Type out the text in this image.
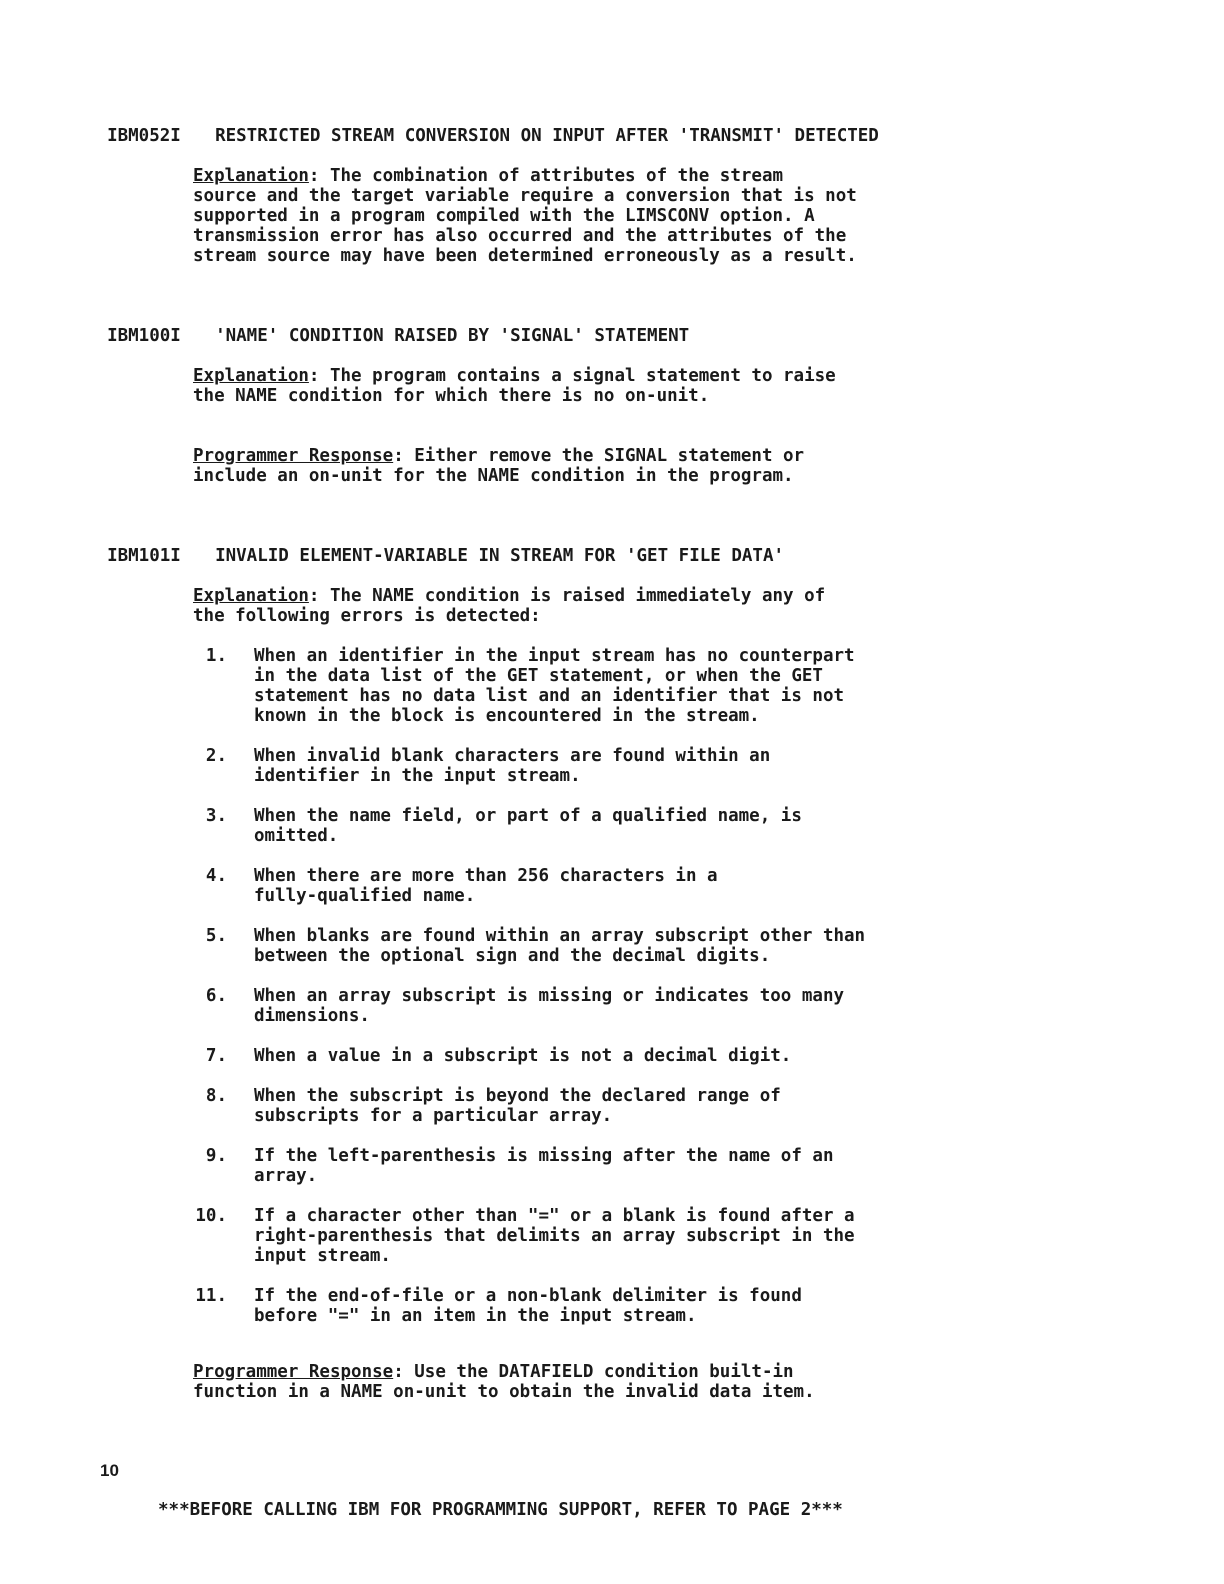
IBM052I RESTRICTED STREAM CONVERSION ON INPUT AFTER 'TRANSMIT' DETECTED

Explanation: The combination of attributes of the stream
source and the target variable require a conversion that is not
supported in a program compiled with the LIMSCONV option. A
transmission error has also occurred and the attributes of the
stream source may have been determined erroneously as a result.

IBM100I 'NAME' CONDITION RAISED BY 'SIGNAL' STATEMENT

Explanation: The program contains a signal statement to raise
the NAME condition for which there is no on-unit.
Programmer Response: Either remove the SIGNAL statement or
include an on-unit for the NAME condition in the program.

IBM101I INVALID ELEMENT-VARIABLE IN STREAM FOR 'GET FILE DATA'

Explanation: The NAME condition is raised immediately any of
the following errors is detected:
1. When an identifier in the input stream has no counterpart
in the data list of the GET statement, or when the GET
statement has no data list and an identifier that is not
known in the block is encountered in the stream.
2. When invalid blank characters are found within an
identifier in the input stream.
3. When the name field, or part of a qualified name, is
omitted.
4. When there are more than 256 characters in a
fully-qualified name.
5. When blanks are found within an array subscript other than
between the optional sign and the decimal digits.
6. When an array subscript is missing or indicates too many
dimensions.
7. When a value in a subscript is not a decimal digit.
8. When the subscript is beyond the declared range of
subscripts for a particular array.
9. If the left-parenthesis is missing after the name of an
array.
10. If a character other than "=" or a blank is found after a
right-parenthesis that delimits an array subscript in the
input stream.
11. If the end-of-file or a non-blank delimiter is found
before "=" in an item in the input stream.
Programmer Response: Use the DATAFIELD condition built-in
function in a NAME on-unit to obtain the invalid data item.
10
***BEFORE CALLING IBM FOR PROGRAMMING SUPPORT, REFER TO PAGE 2***
